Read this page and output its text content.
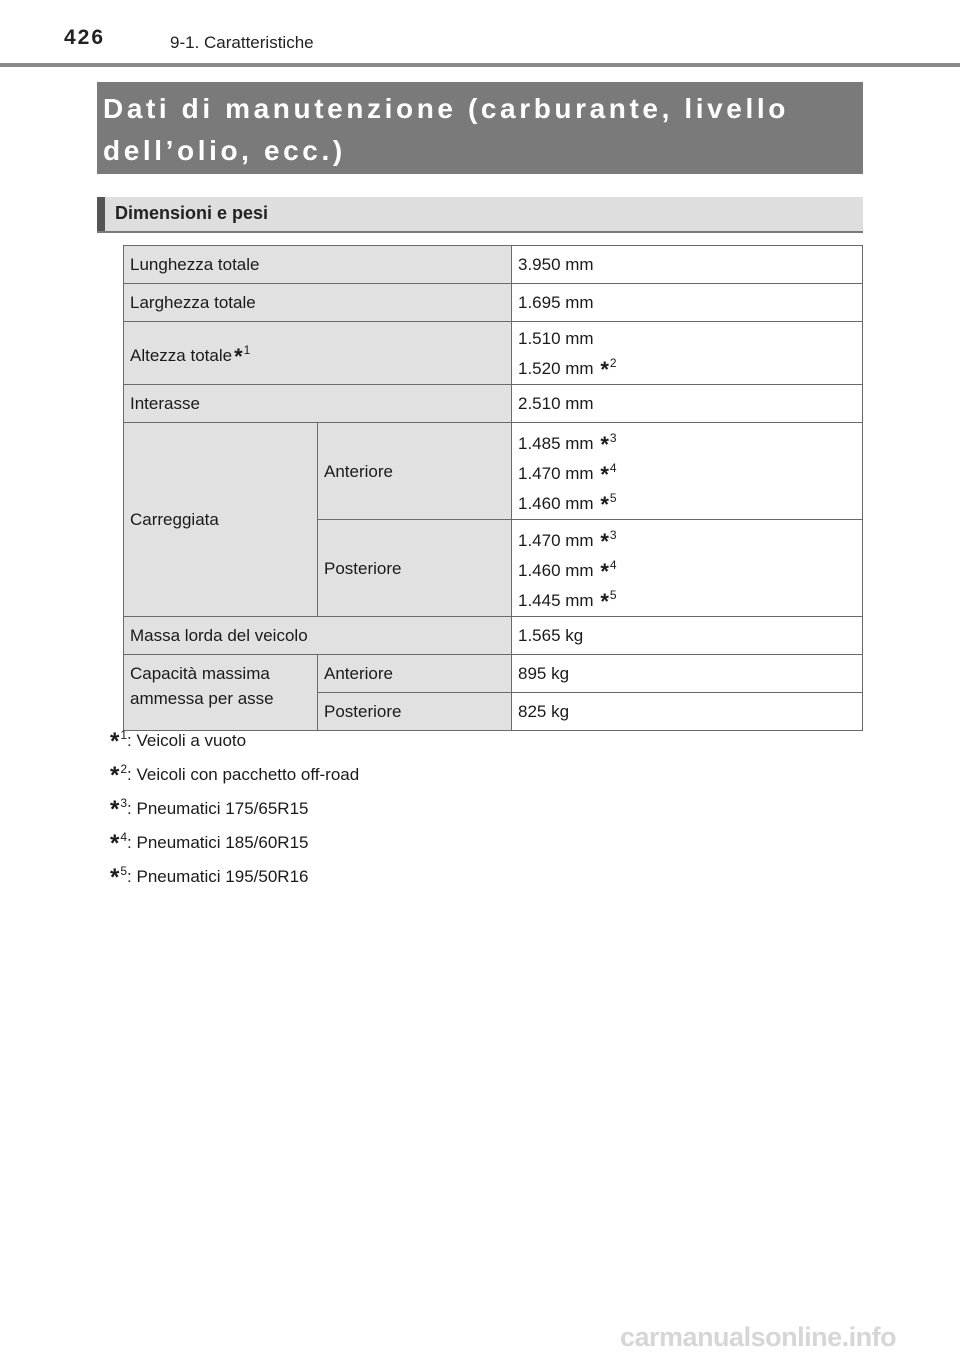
426	9-1. Caratteristiche
Dati di manutenzione (carburante, livello
dell’olio, ecc.)
Dimensioni e pesi
Lunghezza totale		3.950 mm
Larghezza totale		1.695 mm
Altezza totale*$^1$		1.510 mm
1.520 mm *$^2$

Interasse		2.510 mm
Carreggiata	Anteriore	1.485 mm *$^3$
1.470 mm *$^4$
1.460 mm *$^5$

	Posteriore	1.470 mm *$^3$
1.460 mm *$^4$
1.445 mm *$^5$

Massa lorda del veicolo		1.565 kg
Capacità massima ammessa per asse	Anteriore	895 kg
	Posteriore	825 kg
*$^1$: Veicoli a vuoto
*$^2$: Veicoli con pacchetto off-road
*$^3$: Pneumatici 175/65R15
*$^4$: Pneumatici 185/60R15
*$^5$: Pneumatici 195/50R16
carmanualsonline.info
